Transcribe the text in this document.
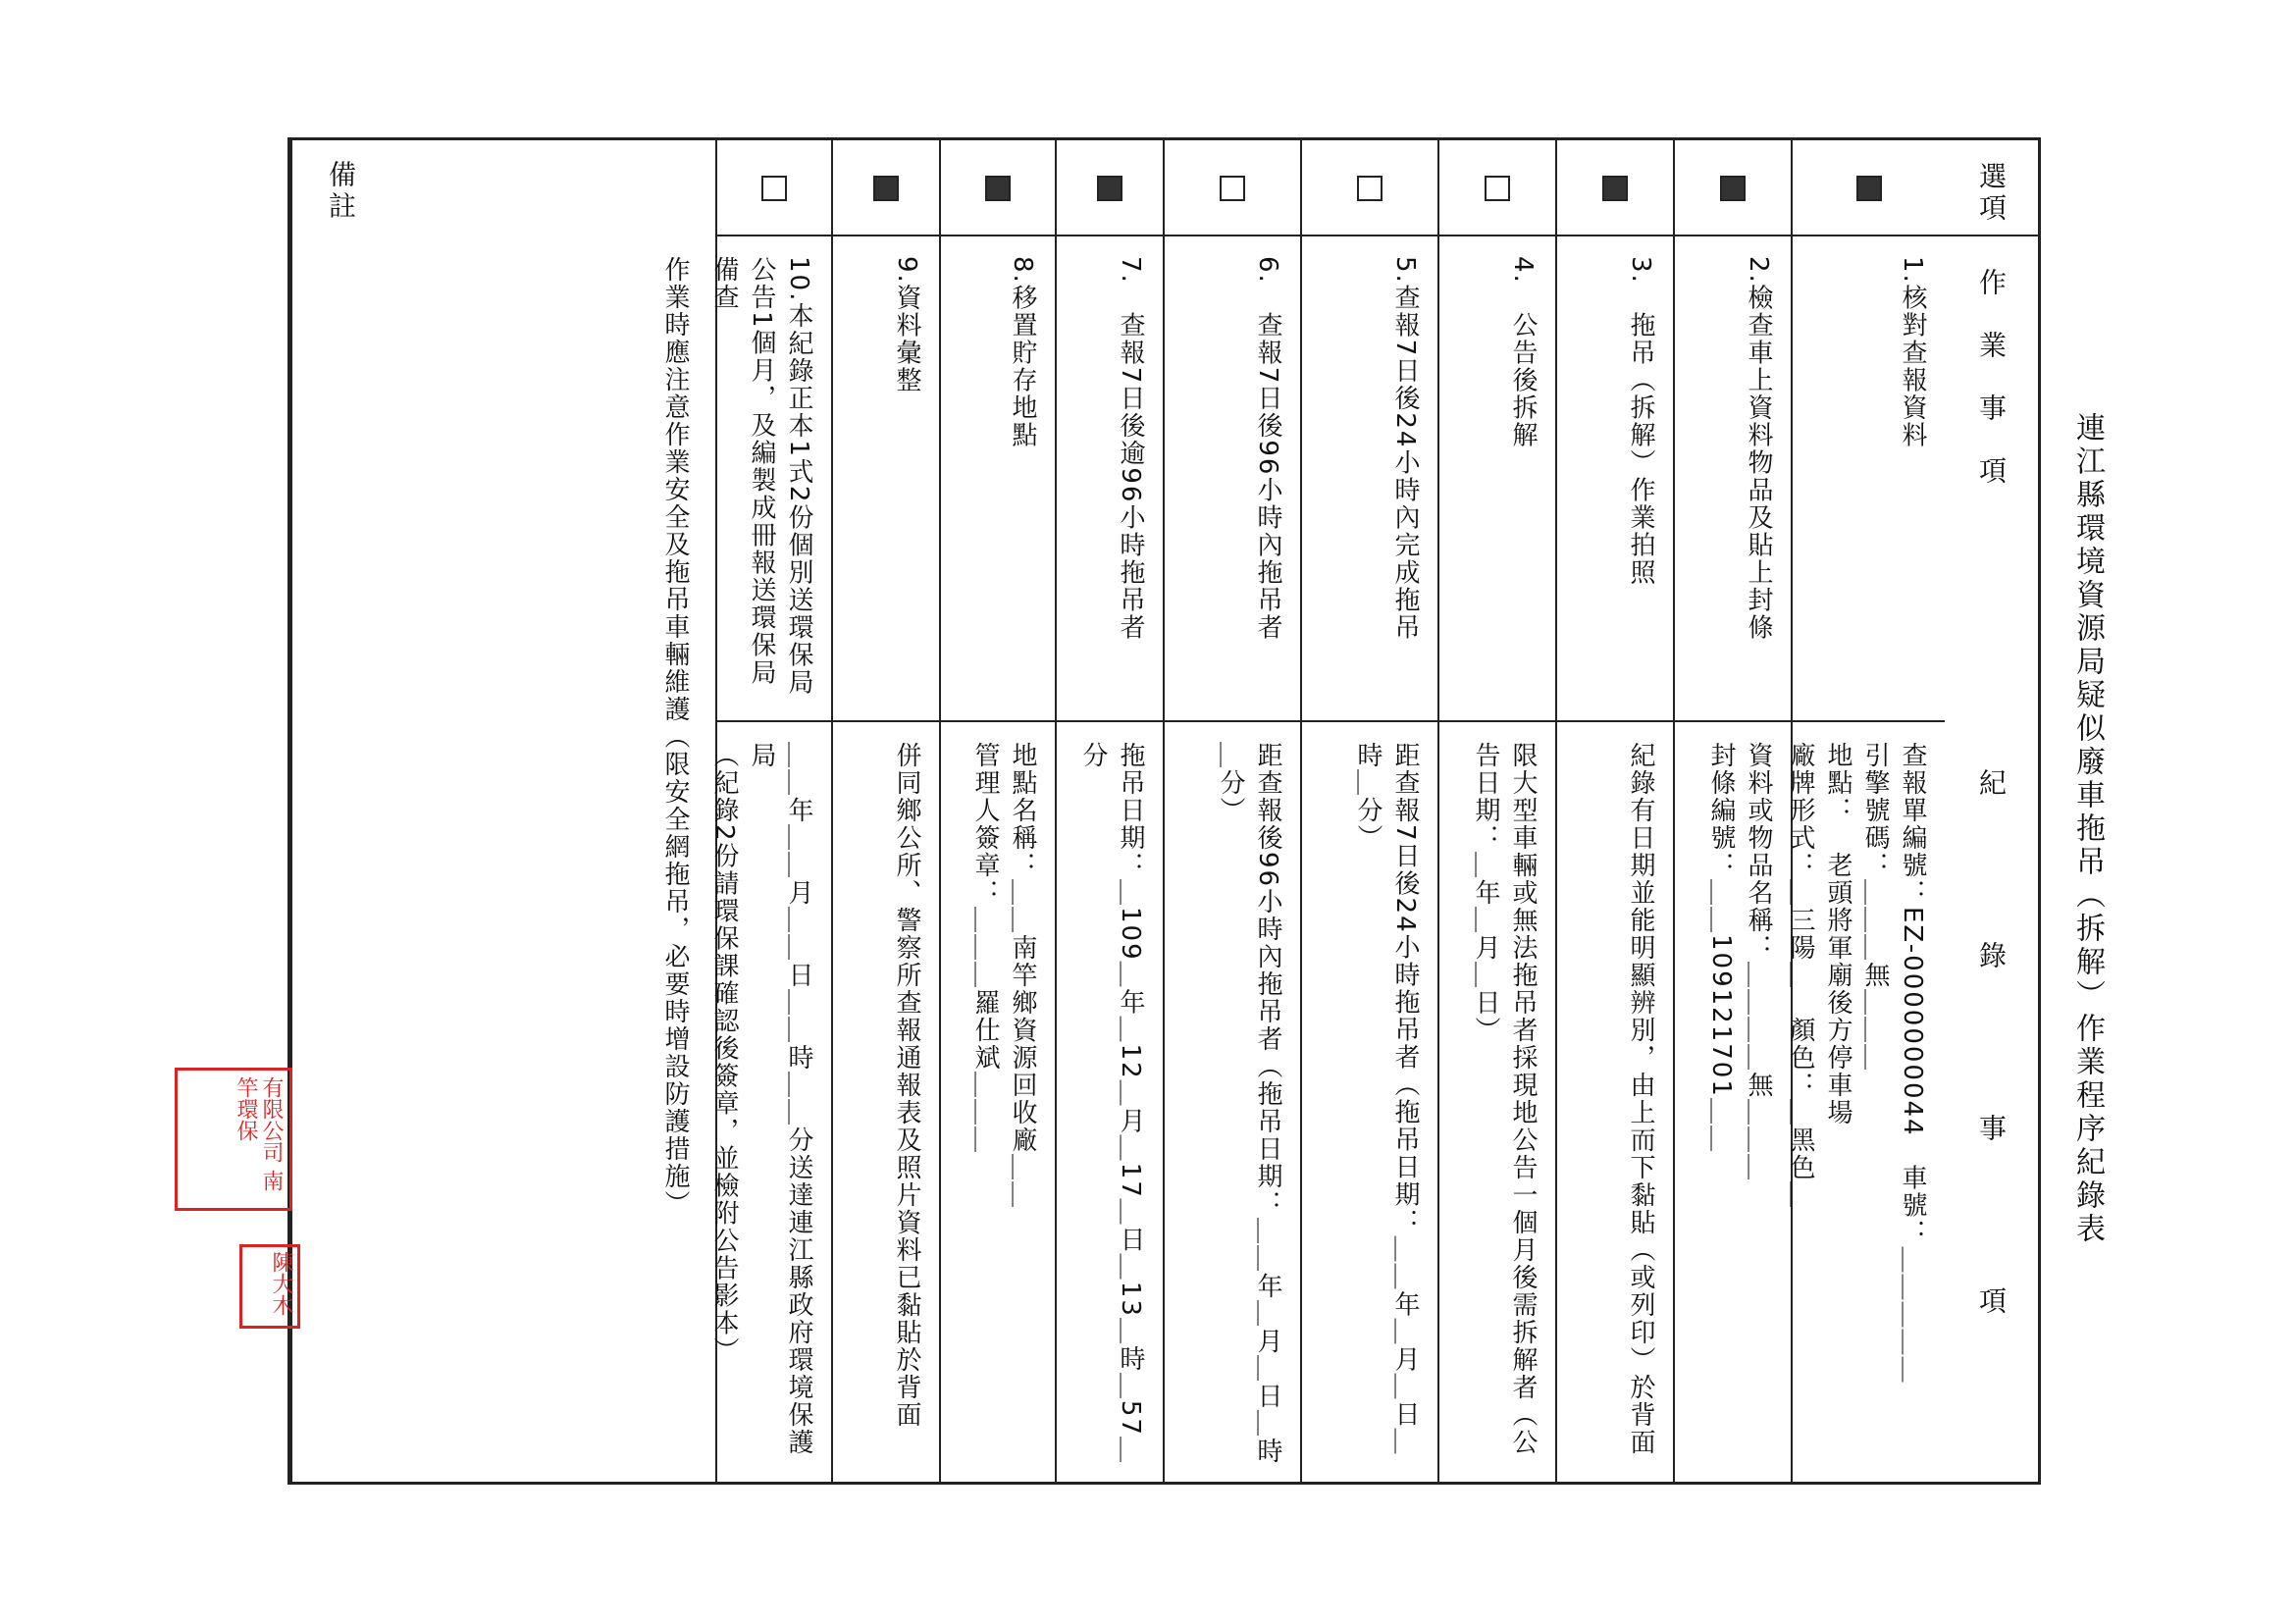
連江縣環境資源局疑似廢車拖吊（拆解）作業程序紀錄表
選項
作　業　事　項
紀　錄　事　項
1.核對查報資料
查報單編號：EZ-0000000044　車號：＿＿＿＿＿
引擎號碼：＿＿＿無＿＿＿
地點：　老頭將軍廟後方停車場
廠牌形式：＿三陽＿　顏色：＿黑色＿
2.檢查車上資料物品及貼上封條
資料或物品名稱：＿＿＿＿無＿＿＿
封條編號：＿＿109121701＿＿
3.　拖吊（拆解）作業拍照
紀錄有日期並能明顯辨別，由上而下黏貼（或列印）於背面
4.　公告後拆解
限大型車輛或無法拖吊者採現地公告一個月後需拆解者（公告日期：＿年＿月＿日）
5.查報7日後24小時內完成拖吊
距查報7日後24小時拖吊者（拖吊日期：＿＿年＿月＿日＿時＿分）
6.　查報7日後96小時內拖吊者
距查報後96小時內拖吊者（拖吊日期：＿＿年＿月＿日＿時＿分）
7.　查報7日後逾96小時拖吊者
拖吊日期：＿109＿年＿12＿月＿17＿日＿13＿時＿57＿分
8.移置貯存地點
地點名稱：＿＿南竿鄉資源回收廠＿＿
管理人簽章：＿＿＿羅仕斌＿＿＿
9.資料彙整
併同鄉公所、警察所查報通報表及照片資料已黏貼於背面
10.本紀錄正本1式2份個別送環保局公告1個月，及編製成冊報送環保局備查
＿＿年＿＿月＿＿日＿＿時＿＿分送達連江縣政府環境保護局
（紀錄2份請環保課確認後簽章，並檢附公告影本）
備註
作業時應注意作業安全及拖吊車輛維護（限安全網拖吊，必要時增設防護措施）
有限公司 南竿環保
陳大木
